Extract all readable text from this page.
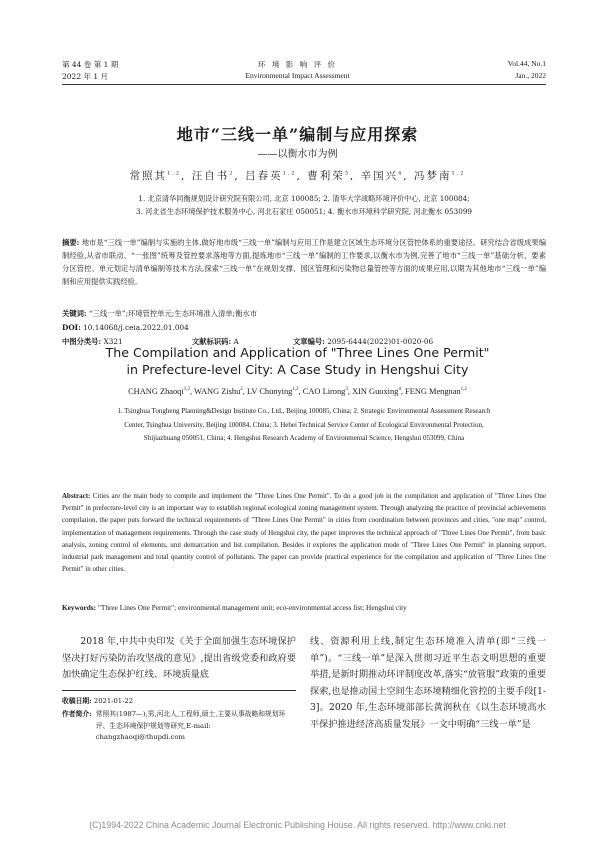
第 44 卷 第 1 期
2022 年 1 月
环 境 影 响 评 价
Environmental Impact Assessment
Vol.44, No.1
Jan., 2022
地市“三线一单”编制与应用探索
——以衡水市为例
常照其$^{1,2}$, 汪自书$^2$, 吕春英$^{1,2}$, 曹利荣$^3$, 辛国兴$^4$, 冯梦南$^{1,2}$
1. 北京清华同衡规划设计研究院有限公司, 北京 100085; 2. 清华大学战略环境评价中心, 北京 100084;
3. 河北省生态环境保护技术服务中心, 河北石家庄 050051; 4. 衡水市环境科学研究院, 河北衡水 053099
摘要: 地市是“三线一单”编制与实施的主体,做好地市级“三线一单”编制与应用工作是建立区域生态环境分区管控体系的重要途径。研究结合省级成果编制经验,从省市联动、“一张图”统筹及管控要求落地等方面,提炼地市“三线一单”编制的工作要求,以衡水市为例,完善了地市“三线一单”基础分析、要素分区管控、单元划定与清单编制等技术方法,探索“三线一单”在规划支撑、园区管理和污染物总量管控等方面的成果应用,以期为其他地市“三线一单”编制和应用提供实践经验。
关键词: “三线一单”;环境管控单元;生态环境准入清单;衡水市
DOI: 10.14068/j.ceia.2022.01.004
中图分类号: X321	文献标识码: A	文章编号: 2095-6444(2022)01-0020-06
The Compilation and Application of "Three Lines One Permit"
in Prefecture-level City: A Case Study in Hengshui City
CHANG Zhaoqi$^{1,2}$, WANG Zishu$^2$, LV Chunying$^{1,2}$, CAO Lirong$^3$, XIN Guoxing$^4$, FENG Mengnan$^{1,2}$
1. Tsinghua Tongheng Planning&Design Institute Co., Ltd., Beijing 100085, China; 2. Strategic Environmental Assessment Research
Center, Tsinghua University, Beijing 100084, China; 3. Hebei Technical Service Center of Ecological Environmental Protection,
Shijiazhuang 050051, China; 4. Hengshui Research Academy of Environmental Science, Hengshui 053099, China
Abstract: Cities are the main body to compile and implement the "Three Lines One Permit". To do a good job in the compilation and application of "Three Lines One Permit" in prefecture-level city is an important way to establish regional ecological zoning management system. Through analyzing the practice of provincial achievements compilation, the paper puts forward the technical requirements of "Three Lines One Permit" in cities from coordination between provinces and cities, "one map" control, implementation of management requirements. Through the case study of Hengshui city, the paper improves the technical approach of "Three Lines One Permit", from basic analysis, zoning control of elements, unit demarcation and list compilation. Besides it explores the application mode of "Three Lines One Permit" in planning support, industrial park management and total quantity control of pollutants. The paper can provide practical experience for the compilation and application of "Three Lines One Permit" in other cities.
Keywords: "Three Lines One Permit"; environmental management unit; eco-environmental access list; Hengshui city
2018 年,中共中央印发《关于全面加强生态环境保护坚决打好污染防治攻坚战的意见》,提出省级党委和政府要加快确定生态保护红线、环境质量底
线、资源利用上线,制定生态环境准入清单(即“三线一单”)。“三线一单”是深入贯彻习近平生态文明思想的重要举措,是新时期推动环评制度改革,落实“放管服”政策的重要探索,也是推动国土空间生态环境精细化管控的主要手段[1-3]。2020 年,生态环境部部长黄润秋在《以生态环境高水平保护推进经济高质量发展》一文中明确“三线一单”是
收稿日期: 2021-01-22
作者简介: 常照其(1987—),男,河北人,工程师,硕士,主要从事战略和规划环评、生态环境保护规划等研究,E-mail: changzhaoqi@thupdi.com
(C)1994-2022 China Academic Journal Electronic Publishing House. All rights reserved. http://www.cnki.net
